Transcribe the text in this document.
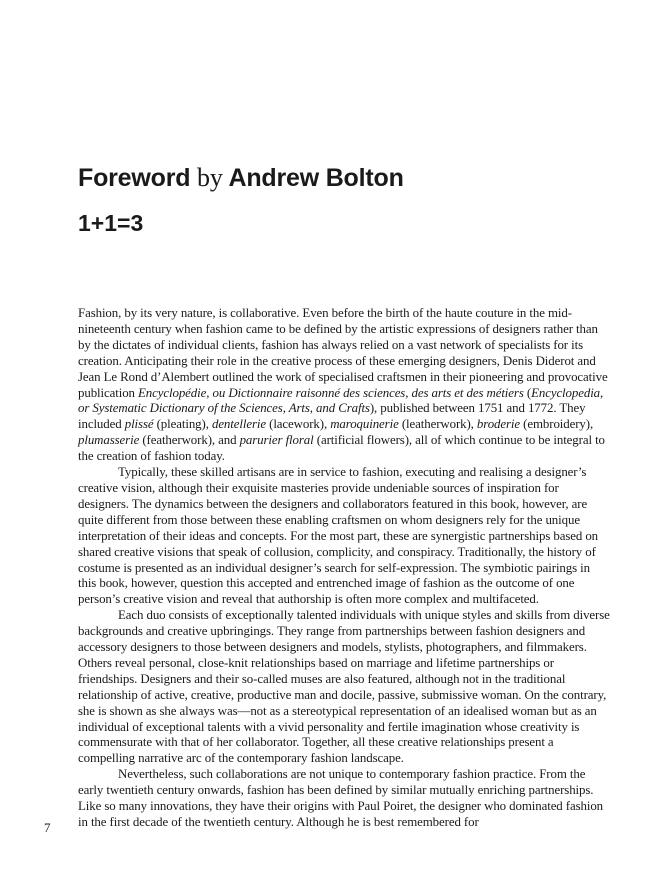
Foreword by Andrew Bolton
1+1=3

Fashion, by its very nature, is collaborative. Even before the birth of the haute couture in the mid-nineteenth century when fashion came to be defined by the artistic expressions of designers rather than by the dictates of individual clients, fashion has always relied on a vast network of specialists for its creation. Anticipating their role in the creative process of these emerging designers, Denis Diderot and Jean Le Rond d’Alembert outlined the work of specialised craftsmen in their pioneering and provocative publication Encyclopédie, ou Dictionnaire raisonné des sciences, des arts et des métiers (Encyclopedia, or Systematic Dictionary of the Sciences, Arts, and Crafts), published between 1751 and 1772. They included plissé (pleating), dentellerie (lacework), maroquinerie (leatherwork), broderie (embroidery), plumasserie (featherwork), and parurier floral (artificial flowers), all of which continue to be integral to the creation of fashion today.

Typically, these skilled artisans are in service to fashion, executing and realising a designer’s creative vision, although their exquisite masteries provide undeniable sources of inspiration for designers. The dynamics between the designers and collaborators featured in this book, however, are quite different from those between these enabling craftsmen on whom designers rely for the unique interpretation of their ideas and concepts. For the most part, these are synergistic partnerships based on shared creative visions that speak of collusion, complicity, and conspiracy. Traditionally, the history of costume is presented as an individual designer’s search for self-expression. The symbiotic pairings in this book, however, question this accepted and entrenched image of fashion as the outcome of one person’s creative vision and reveal that authorship is often more complex and multifaceted.

Each duo consists of exceptionally talented individuals with unique styles and skills from diverse backgrounds and creative upbringings. They range from partnerships between fashion designers and accessory designers to those between designers and models, stylists, photographers, and filmmakers. Others reveal personal, close-knit relationships based on marriage and lifetime partnerships or friendships. Designers and their so-called muses are also featured, although not in the traditional relationship of active, creative, productive man and docile, passive, submissive woman. On the contrary, she is shown as she always was—not as a stereotypical representation of an idealised woman but as an individual of exceptional talents with a vivid personality and fertile imagination whose creativity is commensurate with that of her collaborator. Together, all these creative relationships present a compelling narrative arc of the contemporary fashion landscape.

Nevertheless, such collaborations are not unique to contemporary fashion practice. From the early twentieth century onwards, fashion has been defined by similar mutually enriching partnerships. Like so many innovations, they have their origins with Paul Poiret, the designer who dominated fashion in the first decade of the twentieth century. Although he is best remembered for

7
